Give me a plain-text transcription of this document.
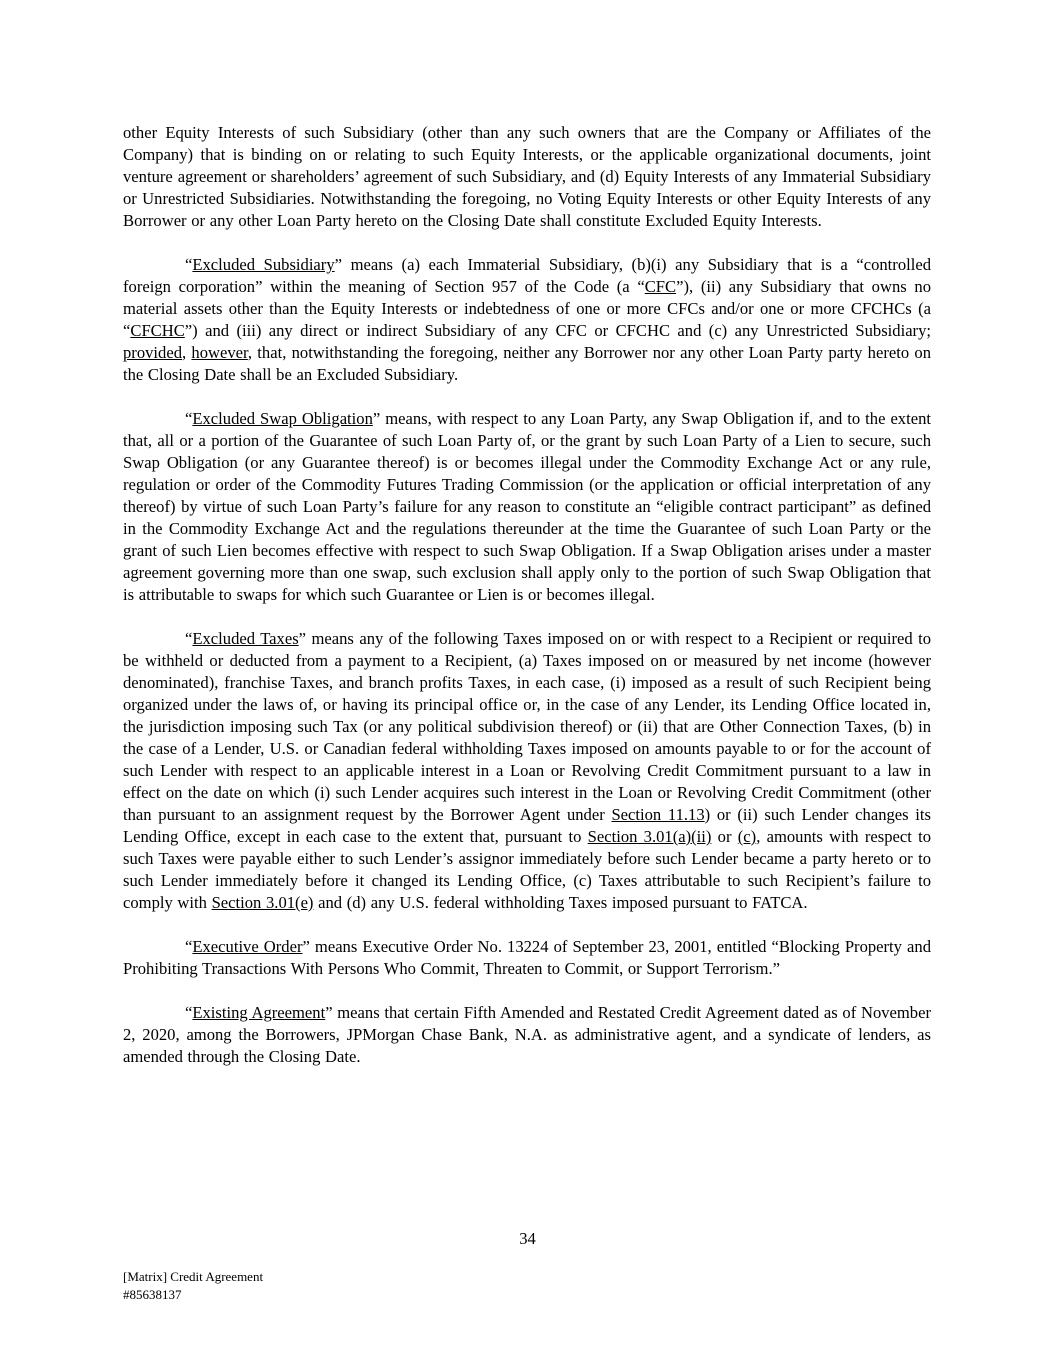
other Equity Interests of such Subsidiary (other than any such owners that are the Company or Affiliates of the Company) that is binding on or relating to such Equity Interests, or the applicable organizational documents, joint venture agreement or shareholders’ agreement of such Subsidiary, and (d) Equity Interests of any Immaterial Subsidiary or Unrestricted Subsidiaries. Notwithstanding the foregoing, no Voting Equity Interests or other Equity Interests of any Borrower or any other Loan Party hereto on the Closing Date shall constitute Excluded Equity Interests.

“Excluded Subsidiary” means (a) each Immaterial Subsidiary, (b)(i) any Subsidiary that is a “controlled foreign corporation” within the meaning of Section 957 of the Code (a “CFC”), (ii) any Subsidiary that owns no material assets other than the Equity Interests or indebtedness of one or more CFCs and/or one or more CFCHCs (a “CFCHC”) and (iii) any direct or indirect Subsidiary of any CFC or CFCHC and (c) any Unrestricted Subsidiary; provided, however, that, notwithstanding the foregoing, neither any Borrower nor any other Loan Party party hereto on the Closing Date shall be an Excluded Subsidiary.

“Excluded Swap Obligation” means, with respect to any Loan Party, any Swap Obligation if, and to the extent that, all or a portion of the Guarantee of such Loan Party of, or the grant by such Loan Party of a Lien to secure, such Swap Obligation (or any Guarantee thereof) is or becomes illegal under the Commodity Exchange Act or any rule, regulation or order of the Commodity Futures Trading Commission (or the application or official interpretation of any thereof) by virtue of such Loan Party’s failure for any reason to constitute an “eligible contract participant” as defined in the Commodity Exchange Act and the regulations thereunder at the time the Guarantee of such Loan Party or the grant of such Lien becomes effective with respect to such Swap Obligation. If a Swap Obligation arises under a master agreement governing more than one swap, such exclusion shall apply only to the portion of such Swap Obligation that is attributable to swaps for which such Guarantee or Lien is or becomes illegal.

“Excluded Taxes” means any of the following Taxes imposed on or with respect to a Recipient or required to be withheld or deducted from a payment to a Recipient, (a) Taxes imposed on or measured by net income (however denominated), franchise Taxes, and branch profits Taxes, in each case, (i) imposed as a result of such Recipient being organized under the laws of, or having its principal office or, in the case of any Lender, its Lending Office located in, the jurisdiction imposing such Tax (or any political subdivision thereof) or (ii) that are Other Connection Taxes, (b) in the case of a Lender, U.S. or Canadian federal withholding Taxes imposed on amounts payable to or for the account of such Lender with respect to an applicable interest in a Loan or Revolving Credit Commitment pursuant to a law in effect on the date on which (i) such Lender acquires such interest in the Loan or Revolving Credit Commitment (other than pursuant to an assignment request by the Borrower Agent under Section 11.13) or (ii) such Lender changes its Lending Office, except in each case to the extent that, pursuant to Section 3.01(a)(ii) or (c), amounts with respect to such Taxes were payable either to such Lender’s assignor immediately before such Lender became a party hereto or to such Lender immediately before it changed its Lending Office, (c) Taxes attributable to such Recipient’s failure to comply with Section 3.01(e) and (d) any U.S. federal withholding Taxes imposed pursuant to FATCA.

“Executive Order” means Executive Order No. 13224 of September 23, 2001, entitled “Blocking Property and Prohibiting Transactions With Persons Who Commit, Threaten to Commit, or Support Terrorism.”

“Existing Agreement” means that certain Fifth Amended and Restated Credit Agreement dated as of November 2, 2020, among the Borrowers, JPMorgan Chase Bank, N.A. as administrative agent, and a syndicate of lenders, as amended through the Closing Date.

34
[Matrix] Credit Agreement
#85638137
